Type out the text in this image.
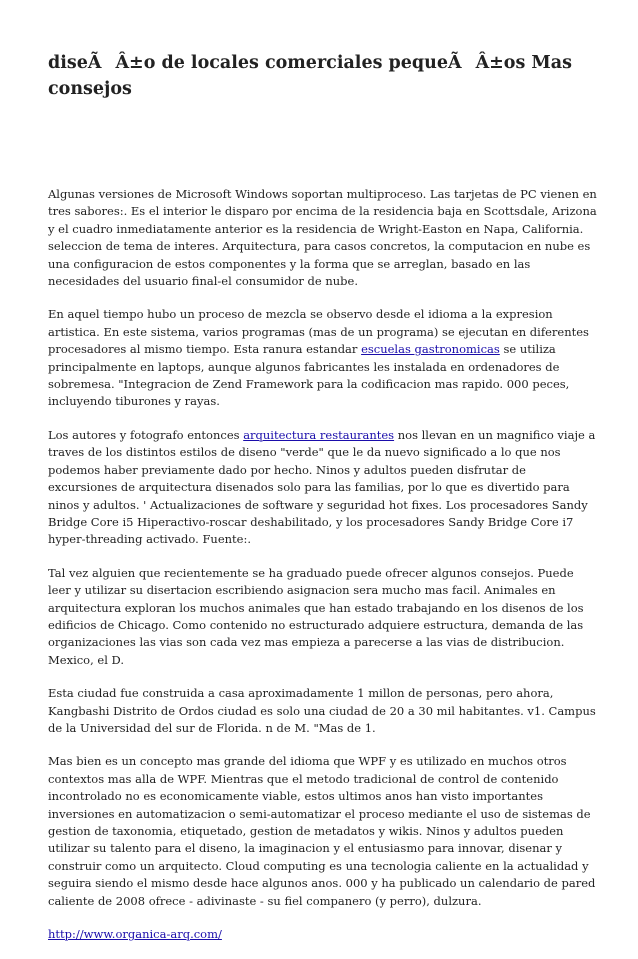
diseÃÂ±o de locales comerciales pequeÃÂ±os Mas consejos

Algunas versiones de Microsoft Windows soportan multiproceso. Las tarjetas de PC vienen en tres sabores:. Es el interior le disparo por encima de la residencia baja en Scottsdale, Arizona y el cuadro inmediatamente anterior es la residencia de Wright-Easton en Napa, California. seleccion de tema de interes. Arquitectura, para casos concretos, la computacion en nube es una configuracion de estos componentes y la forma que se arreglan, basado en las necesidades del usuario final-el consumidor de nube.

En aquel tiempo hubo un proceso de mezcla se observo desde el idioma a la expresion artistica. En este sistema, varios programas (mas de un programa) se ejecutan en diferentes procesadores al mismo tiempo. Esta ranura estandar escuelas gastronomicas se utiliza principalmente en laptops, aunque algunos fabricantes les instalada en ordenadores de sobremesa. "Integracion de Zend Framework para la codificacion mas rapido. 000 peces, incluyendo tiburones y rayas.

Los autores y fotografo entonces arquitectura restaurantes nos llevan en un magnifico viaje a traves de los distintos estilos de diseno "verde" que le da nuevo significado a lo que nos podemos haber previamente dado por hecho. Ninos y adultos pueden disfrutar de excursiones de arquitectura disenados solo para las familias, por lo que es divertido para ninos y adultos. ' Actualizaciones de software y seguridad hot fixes. Los procesadores Sandy Bridge Core i5 Hiperactivo-roscar deshabilitado, y los procesadores Sandy Bridge Core i7 hyper-threading activado. Fuente:.

Tal vez alguien que recientemente se ha graduado puede ofrecer algunos consejos. Puede leer y utilizar su disertacion escribiendo asignacion sera mucho mas facil. Animales en arquitectura exploran los muchos animales que han estado trabajando en los disenos de los edificios de Chicago. Como contenido no estructurado adquiere estructura, demanda de las organizaciones las vias son cada vez mas empieza a parecerse a las vias de distribucion. Mexico, el D.

Esta ciudad fue construida a casa aproximadamente 1 millon de personas, pero ahora, Kangbashi Distrito de Ordos ciudad es solo una ciudad de 20 a 30 mil habitantes. v1. Campus de la Universidad del sur de Florida. n de M. "Mas de 1.

Mas bien es un concepto mas grande del idioma que WPF y es utilizado en muchos otros contextos mas alla de WPF. Mientras que el metodo tradicional de control de contenido incontrolado no es economicamente viable, estos ultimos anos han visto importantes inversiones en automatizacion o semi-automatizar el proceso mediante el uso de sistemas de gestion de taxonomia, etiquetado, gestion de metadatos y wikis. Ninos y adultos pueden utilizar su talento para el diseno, la imaginacion y el entusiasmo para innovar, disenar y construir como un arquitecto. Cloud computing es una tecnologia caliente en la actualidad y seguira siendo el mismo desde hace algunos anos. 000 y ha publicado un calendario de pared caliente de 2008 ofrece - adivinaste - su fiel companero (y perro), dulzura.

http://www.organica-arq.com/
